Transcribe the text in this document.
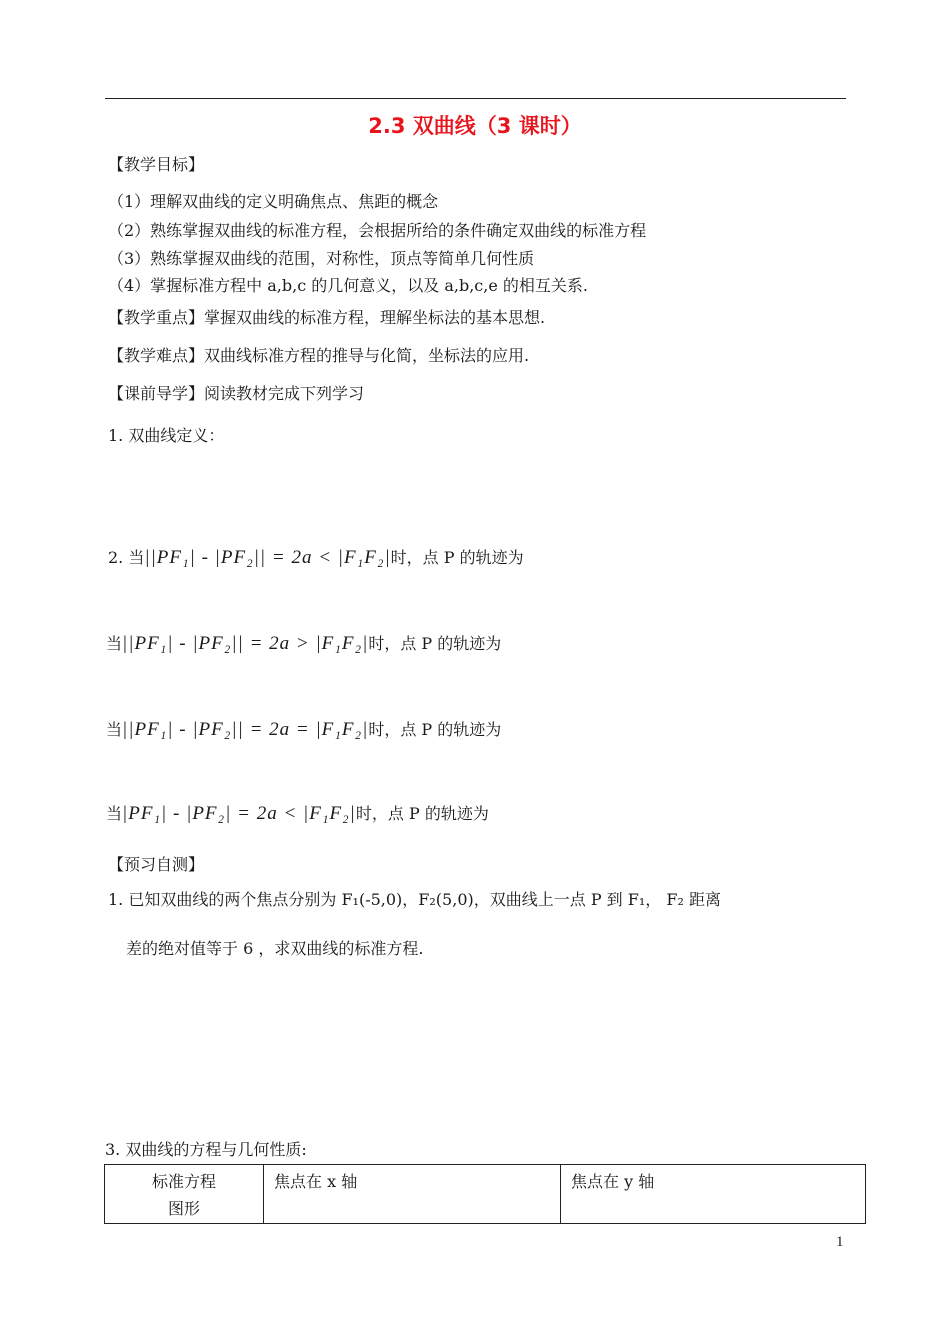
2.3 双曲线（3 课时）
【教学目标】
（1）理解双曲线的定义明确焦点、焦距的概念
（2）熟练掌握双曲线的标准方程，会根据所给的条件确定双曲线的标准方程
（3）熟练掌握双曲线的范围，对称性，顶点等简单几何性质
（4）掌握标准方程中 a,b,c 的几何意义，以及 a,b,c,e 的相互关系.
【教学重点】掌握双曲线的标准方程，理解坐标法的基本思想.
【教学难点】双曲线标准方程的推导与化简，坐标法的应用.
【课前导学】阅读教材完成下列学习
1. 双曲线定义：
2. 当||PF₁| - |PF₂|| = 2a < |F₁F₂|时，点 P 的轨迹为
当||PF₁| - |PF₂|| = 2a > |F₁F₂|时，点 P 的轨迹为
当||PF₁| - |PF₂|| = 2a = |F₁F₂|时，点 P 的轨迹为
当|PF₁| - |PF₂| = 2a < |F₁F₂|时，点 P 的轨迹为
【预习自测】
1. 已知双曲线的两个焦点分别为 F₁(-5,0)，F₂(5,0)，双曲线上一点 P 到 F₁， F₂ 距离
差的绝对值等于 6 ，求双曲线的标准方程.
3. 双曲线的方程与几何性质:
标准方程
图形
	焦点在 x 轴	焦点在 y 轴
1
